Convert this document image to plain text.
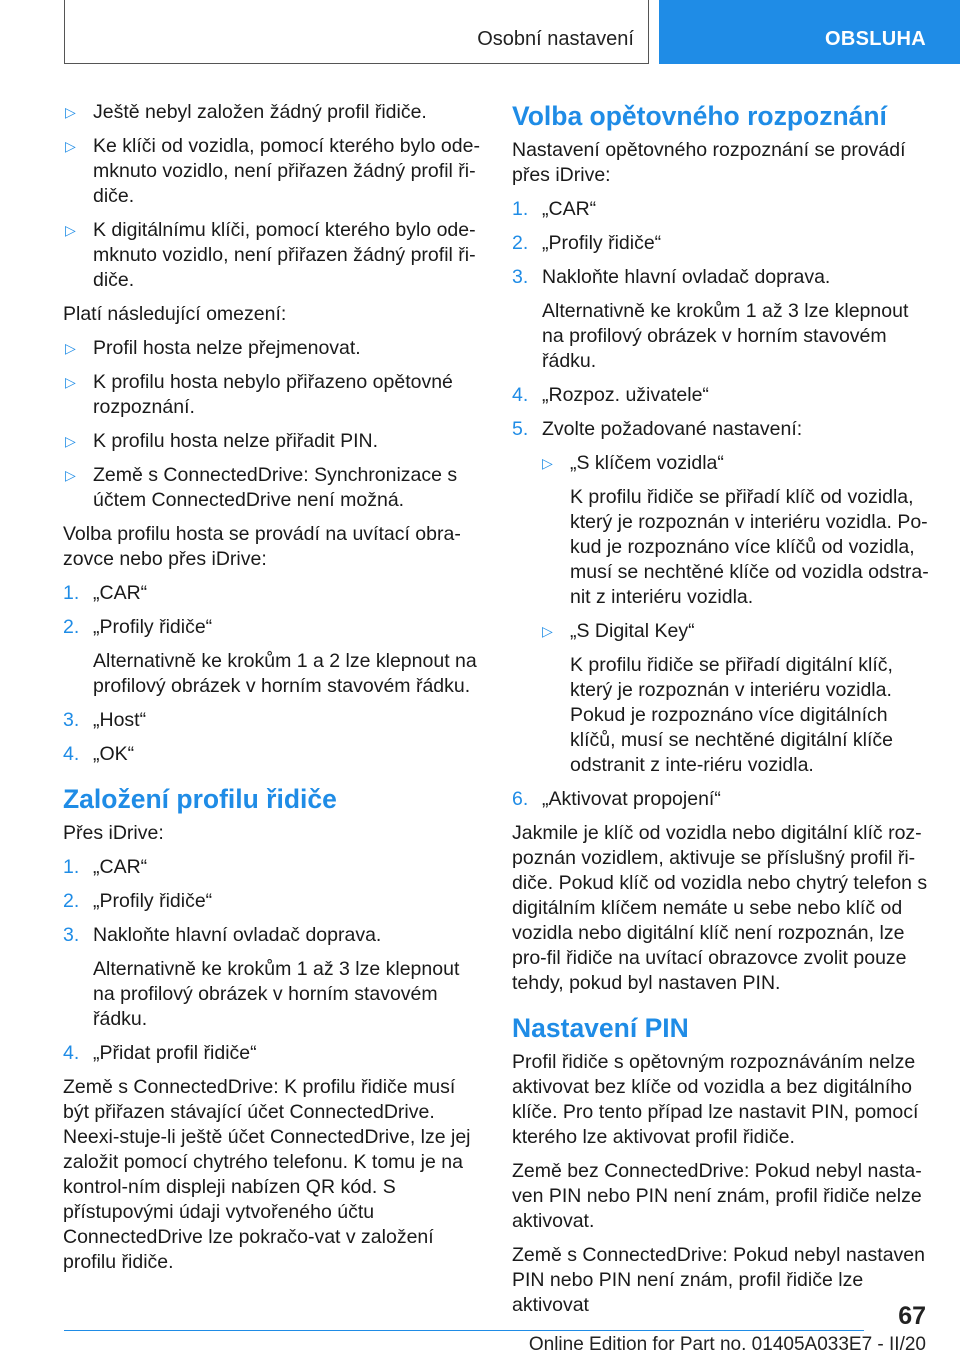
Osobní nastavení	OBSLUHA
▷ Ještě nebyl založen žádný profil řidiče.
▷ Ke klíči od vozidla, pomocí kterého bylo ode‐mknuto vozidlo, není přiřazen žádný profil ři‐diče.
▷ K digitálnímu klíči, pomocí kterého bylo ode‐mknuto vozidlo, není přiřazen žádný profil ři‐diče.
Platí následující omezení:
▷ Profil hosta nelze přejmenovat.
▷ K profilu hosta nebylo přiřazeno opětovné rozpoznání.
▷ K profilu hosta nelze přiřadit PIN.
▷ Země s ConnectedDrive: Synchronizace s účtem ConnectedDrive není možná.
Volba profilu hosta se provádí na uvítací obra‐zovce nebo přes iDrive:
1. „CAR“
2. „Profily řidiče“
Alternativně ke krokům 1 a 2 lze klepnout na profilový obrázek v horním stavovém řádku.
3. „Host“
4. „OK“
Založení profilu řidiče
Přes iDrive:
1. „CAR“
2. „Profily řidiče“
3. Nakloňte hlavní ovladač doprava.
Alternativně ke krokům 1 až 3 lze klepnout na profilový obrázek v horním stavovém řádku.
4. „Přidat profil řidiče“
Země s ConnectedDrive: K profilu řidiče musí být přiřazen stávající účet ConnectedDrive. Neexi‐stuje-li ještě účet ConnectedDrive, lze jej založit pomocí chytrého telefonu. K tomu je na kontrol‐ním displeji nabízen QR kód. S přístupovými údaji vytvořeného účtu ConnectedDrive lze pokračo‐vat v založení profilu řidiče.
Volba opětovného rozpoznání
Nastavení opětovného rozpoznání se provádí přes iDrive:
1. „CAR“
2. „Profily řidiče“
3. Nakloňte hlavní ovladač doprava.
Alternativně ke krokům 1 až 3 lze klepnout na profilový obrázek v horním stavovém řádku.
4. „Rozpoz. uživatele“
5. Zvolte požadované nastavení:
▷ „S klíčem vozidla“
K profilu řidiče se přiřadí klíč od vozidla, který je rozpoznán v interiéru vozidla. Po‐kud je rozpoznáno více klíčů od vozidla, musí se nechtěné klíče od vozidla odstra‐nit z interiéru vozidla.
▷ „S Digital Key“
K profilu řidiče se přiřadí digitální klíč, který je rozpoznán v interiéru vozidla. Pokud je rozpoznáno více digitálních klíčů, musí se nechtěné digitální klíče odstranit z inte‐riéru vozidla.
6. „Aktivovat propojení“
Jakmile je klíč od vozidla nebo digitální klíč roz‐poznán vozidlem, aktivuje se příslušný profil ři‐diče. Pokud klíč od vozidla nebo chytrý telefon s digitálním klíčem nemáte u sebe nebo klíč od vozidla nebo digitální klíč není rozpoznán, lze pro‐fil řidiče na uvítací obrazovce zvolit pouze tehdy, pokud byl nastaven PIN.
Nastavení PIN
Profil řidiče s opětovným rozpoznáváním nelze aktivovat bez klíče od vozidla a bez digitálního klíče. Pro tento případ lze nastavit PIN, pomocí kterého lze aktivovat profil řidiče.
Země bez ConnectedDrive: Pokud nebyl nasta‐ven PIN nebo PIN není znám, profil řidiče nelze aktivovat.
Země s ConnectedDrive: Pokud nebyl nastaven PIN nebo PIN není znám, profil řidiče lze aktivovat	67
Online Edition for Part no. 01405A033E7 - II/20
